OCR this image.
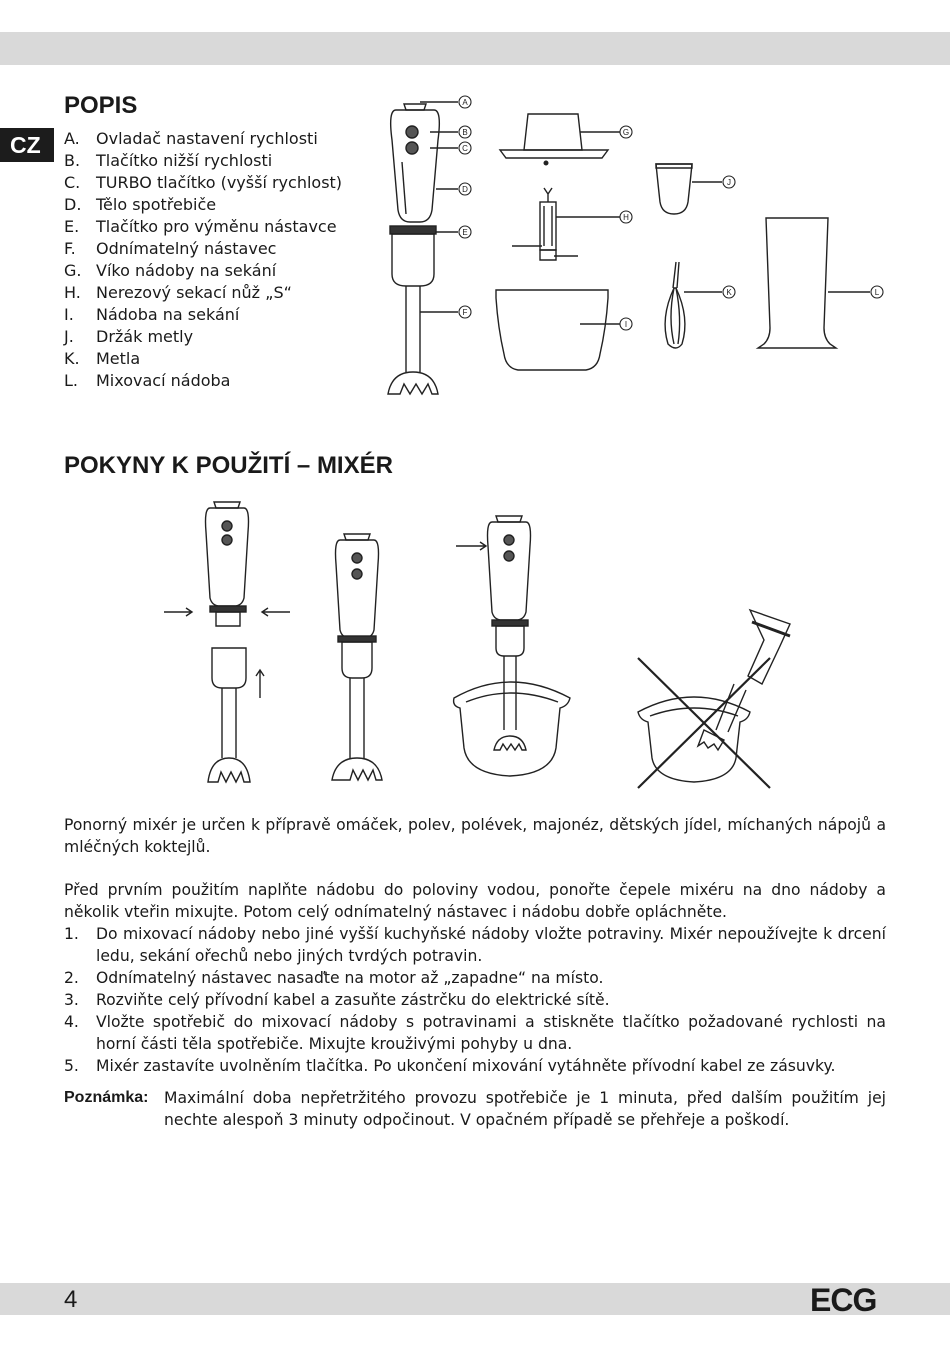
CZ
POPIS
A.	Ovladač nastavení rychlosti
B. Tlačítko nižší rychlosti
C. TURBO tlačítko (vyšší rychlost)
D. Tělo spotřebiče
E.	Tlačítko pro výměnu nástavce
F.	Odnímatelný nástavec
G. Víko nádoby na sekání
H. Nerezový sekací nůž „S“
I.	Nádoba na sekání
J.	Držák metly
K.	Metla
L.	Mixovací nádoba
A
B
C
D
E
F
G
H
I
J
K	L
POKYNY K POUŽITÍ – MIXÉR

Ponorný mixér je určen k přípravě omáček, polev, polévek, majonéz, dětských jídel, míchaných nápojů a mléčných koktejlů.

Před prvním použitím naplňte nádobu do poloviny vodou, ponořte čepele mixéru na dno nádoby a několik vteřin mixujte. Potom celý odnímatelný nástavec i nádobu dobře opláchněte.

1.	Do mixovací nádoby nebo jiné vyšší kuchyňské nádoby vložte potraviny. Mixér nepoužívejte k drcení ledu, sekání ořechů nebo jiných tvrdých potravin.
2.	Odnímatelný nástavec nasaďte na motor až „zapadne“ na místo.
3.	Rozviňte celý přívodní kabel a zasuňte zástrčku do elektrické sítě.
4.	Vložte spotřebič do mixovací nádoby s potravinami a stiskněte tlačítko požadované rychlosti na horní části těla spotřebiče. Mixujte krouživými pohyby u dna.
5.	Mixér zastavíte uvolněním tlačítka. Po ukončení mixování vytáhněte přívodní kabel ze zásuvky.
Poznámka: Maximální doba nepřetržitého provozu spotřebiče je 1 minuta, před dalším použitím jej nechte alespoň 3 minuty odpočinout. V opačném případě se přehřeje a poškodí.
4	ECG
